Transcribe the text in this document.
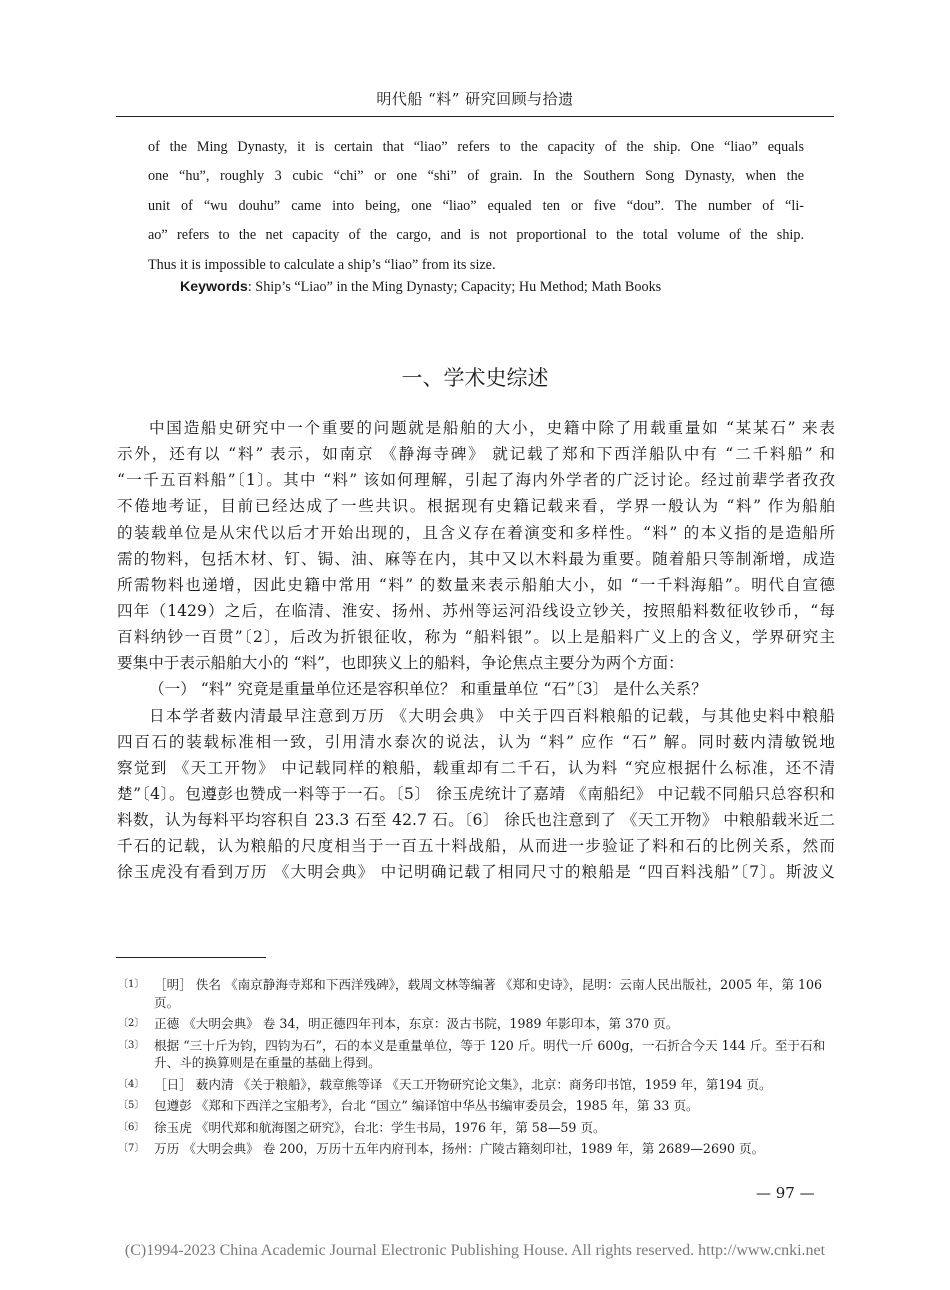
明代船 “料” 研究回顾与拾遗
of the Ming Dynasty, it is certain that “liao” refers to the capacity of the ship. One “liao” equals
one “hu”, roughly 3 cubic “chi” or one “shi” of grain. In the Southern Song Dynasty, when the
unit of “wu douhu” came into being, one “liao” equaled ten or five “dou”. The number of “li-
ao” refers to the net capacity of the cargo, and is not proportional to the total volume of the ship.
Thus it is impossible to calculate a ship’s “liao” from its size.
Keywords: Ship’s “Liao” in the Ming Dynasty; Capacity; Hu Method; Math Books
一、学术史综述
中国造船史研究中一个重要的问题就是船舶的大小，史籍中除了用载重量如 “某某石” 来表
示外，还有以 “料” 表示，如南京 《静海寺碑》 就记载了郑和下西洋船队中有 “二千料船” 和
“一千五百料船”〔1〕。其中 “料” 该如何理解，引起了海内外学者的广泛讨论。经过前辈学者孜孜
不倦地考证，目前已经达成了一些共识。根据现有史籍记载来看，学界一般认为 “料” 作为船舶
的装载单位是从宋代以后才开始出现的，且含义存在着演变和多样性。“料” 的本义指的是造船所
需的物料，包括木材、钉、锔、油、麻等在内，其中又以木料最为重要。随着船只等制渐增，成造
所需物料也递增，因此史籍中常用 “料” 的数量来表示船舶大小，如 “一千料海船”。明代自宣德
四年（1429）之后，在临清、淮安、扬州、苏州等运河沿线设立钞关，按照船料数征收钞币，“每
百料纳钞一百贯”〔2〕，后改为折银征收，称为 “船料银”。以上是船料广义上的含义，学界研究主
要集中于表示船舶大小的 “料”，也即狭义上的船料，争论焦点主要分为两个方面：
（一） “料” 究竟是重量单位还是容积单位？ 和重量单位 “石”〔3〕 是什么关系？
日本学者薮内清最早注意到万历 《大明会典》 中关于四百料粮船的记载，与其他史料中粮船
四百石的装载标准相一致，引用清水泰次的说法，认为 “料” 应作 “石” 解。同时薮内清敏锐地
察觉到 《天工开物》 中记载同样的粮船，载重却有二千石，认为料 “究应根据什么标准，还不清
楚”〔4〕。包遵彭也赞成一料等于一石。〔5〕 徐玉虎统计了嘉靖 《南船纪》 中记载不同船只总容积和
料数，认为每料平均容积自 23.3 石至 42.7 石。〔6〕 徐氏也注意到了 《天工开物》 中粮船载米近二
千石的记载，认为粮船的尺度相当于一百五十料战船，从而进一步验证了料和石的比例关系，然而
徐玉虎没有看到万历 《大明会典》 中记明确记载了相同尺寸的粮船是 “四百料浅船”〔7〕。斯波义
〔1〕 ［明］ 佚名 《南京静海寺郑和下西洋残碑》，载周文林等编著 《郑和史诗》，昆明：云南人民出版社，2005 年，第 106 页。
〔2〕 正德 《大明会典》 卷 34，明正德四年刊本，东京：汲古书院，1989 年影印本，第 370 页。
〔3〕 根据 “三十斤为钧，四钧为石”，石的本义是重量单位，等于 120 斤。明代一斤 600g，一石折合今天 144 斤。至于石和升、斗的换算则是在重量的基础上得到。
〔4〕 ［日］ 薮内清 《关于粮船》，载章熊等译 《天工开物研究论文集》，北京：商务印书馆，1959 年，第194 页。
〔5〕 包遵彭 《郑和下西洋之宝船考》，台北 “国立” 编译馆中华丛书编审委员会，1985 年，第 33 页。
〔6〕 徐玉虎 《明代郑和航海图之研究》，台北：学生书局，1976 年，第 58—59 页。
〔7〕 万历 《大明会典》 卷 200，万历十五年内府刊本，扬州：广陵古籍刻印社，1989 年，第 2689—2690 页。
— 97 —
(C)1994-2023 China Academic Journal Electronic Publishing House. All rights reserved. http://www.cnki.net
